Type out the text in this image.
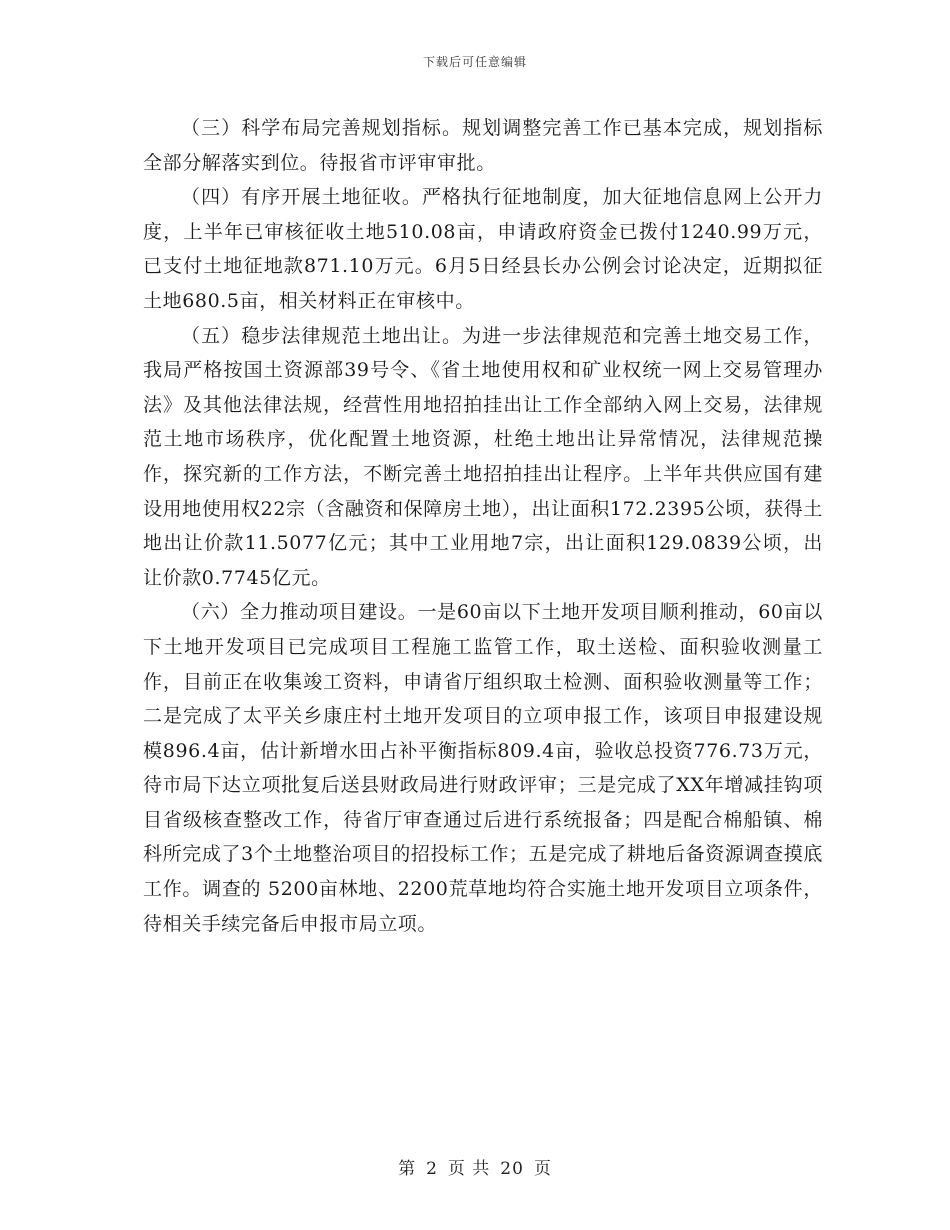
下载后可任意编辑

（三）科学布局完善规划指标。规划调整完善工作已基本完成，规划指标全部分解落实到位。待报省市评审审批。

（四）有序开展土地征收。严格执行征地制度，加大征地信息网上公开力度，上半年已审核征收土地510.08亩，申请政府资金已拨付1240.99万元，已支付土地征地款871.10万元。6月5日经县长办公例会讨论决定，近期拟征土地680.5亩，相关材料正在审核中。

（五）稳步法律规范土地出让。为进一步法律规范和完善土地交易工作，我局严格按国土资源部39号令、《省土地使用权和矿业权统一网上交易管理办法》及其他法律法规，经营性用地招拍挂出让工作全部纳入网上交易，法律规范土地市场秩序，优化配置土地资源，杜绝土地出让异常情况，法律规范操作，探究新的工作方法，不断完善土地招拍挂出让程序。上半年共供应国有建设用地使用权22宗（含融资和保障房土地），出让面积172.2395公顷，获得土地出让价款11.5077亿元；其中工业用地7宗，出让面积129.0839公顷，出让价款0.7745亿元。

（六）全力推动项目建设。一是60亩以下土地开发项目顺利推动，60亩以下土地开发项目已完成项目工程施工监管工作，取土送检、面积验收测量工作，目前正在收集竣工资料，申请省厅组织取土检测、面积验收测量等工作；二是完成了太平关乡康庄村土地开发项目的立项申报工作，该项目申报建设规模896.4亩，估计新增水田占补平衡指标809.4亩，验收总投资776.73万元，待市局下达立项批复后送县财政局进行财政评审；三是完成了XX年增减挂钩项目省级核查整改工作，待省厅审查通过后进行系统报备；四是配合棉船镇、棉科所完成了3个土地整治项目的招投标工作；五是完成了耕地后备资源调查摸底工作。调查的 5200亩林地、2200荒草地均符合实施土地开发项目立项条件，待相关手续完备后申报市局立项。

第 2 页 共 20 页
